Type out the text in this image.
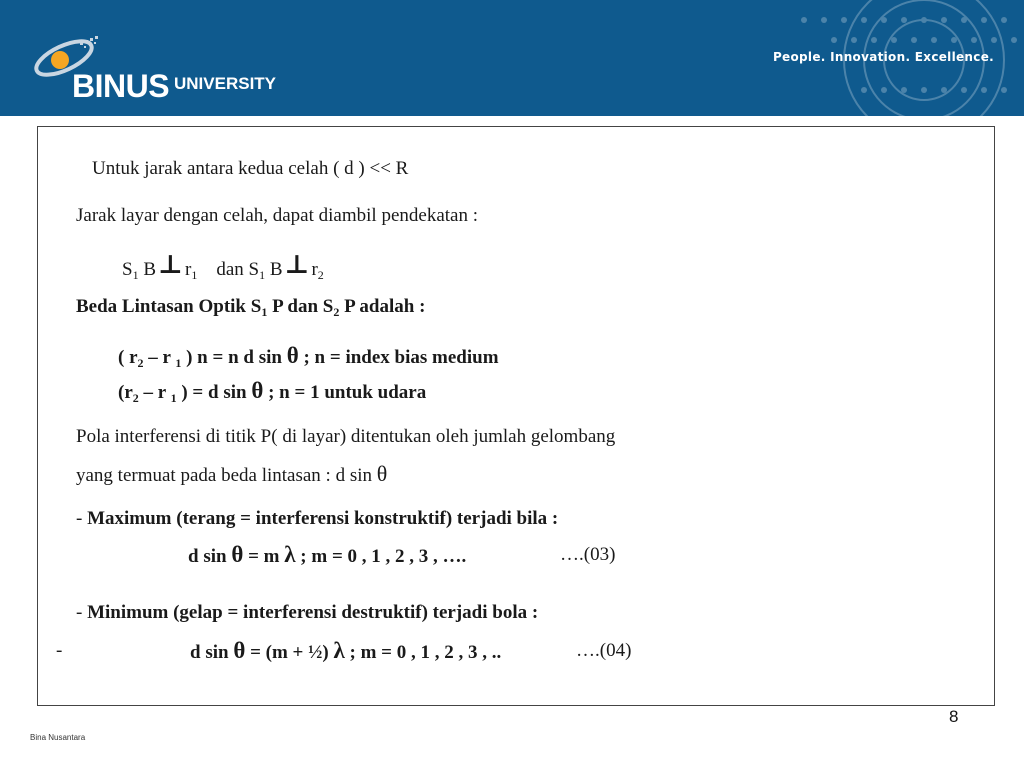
BINUS UNIVERSITY
People. Innovation. Excellence.
Untuk jarak antara kedua celah ( d ) << R
Jarak layar dengan celah, dapat diambil pendekatan :
$S_1$ B⊥ $r_1$ dan $S_1$ B⊥ $r_2$
Beda Lintasan Optik $S_1$ P dan $S_2$ P adalah :
( $r_2$ – r $_1$ ) n = n d sin θ ; n = index bias medium
($r_2$ – r $_1$ ) = d sin θ ; n = 1 untuk udara
Pola interferensi di titik P( di layar) ditentukan oleh jumlah gelombang
yang termuat pada beda lintasan : d sin θ
- Maximum (terang = interferensi konstruktif) terjadi bila :
d sin θ = m λ ; m = 0 , 1 , 2 , 3 , ….	….(03)
- Minimum (gelap = interferensi destruktif) terjadi bola :
-	d sin θ = (m + ½) λ ; m = 0 , 1 , 2 , 3 , ..	….(04)
8
Bina Nusantara
